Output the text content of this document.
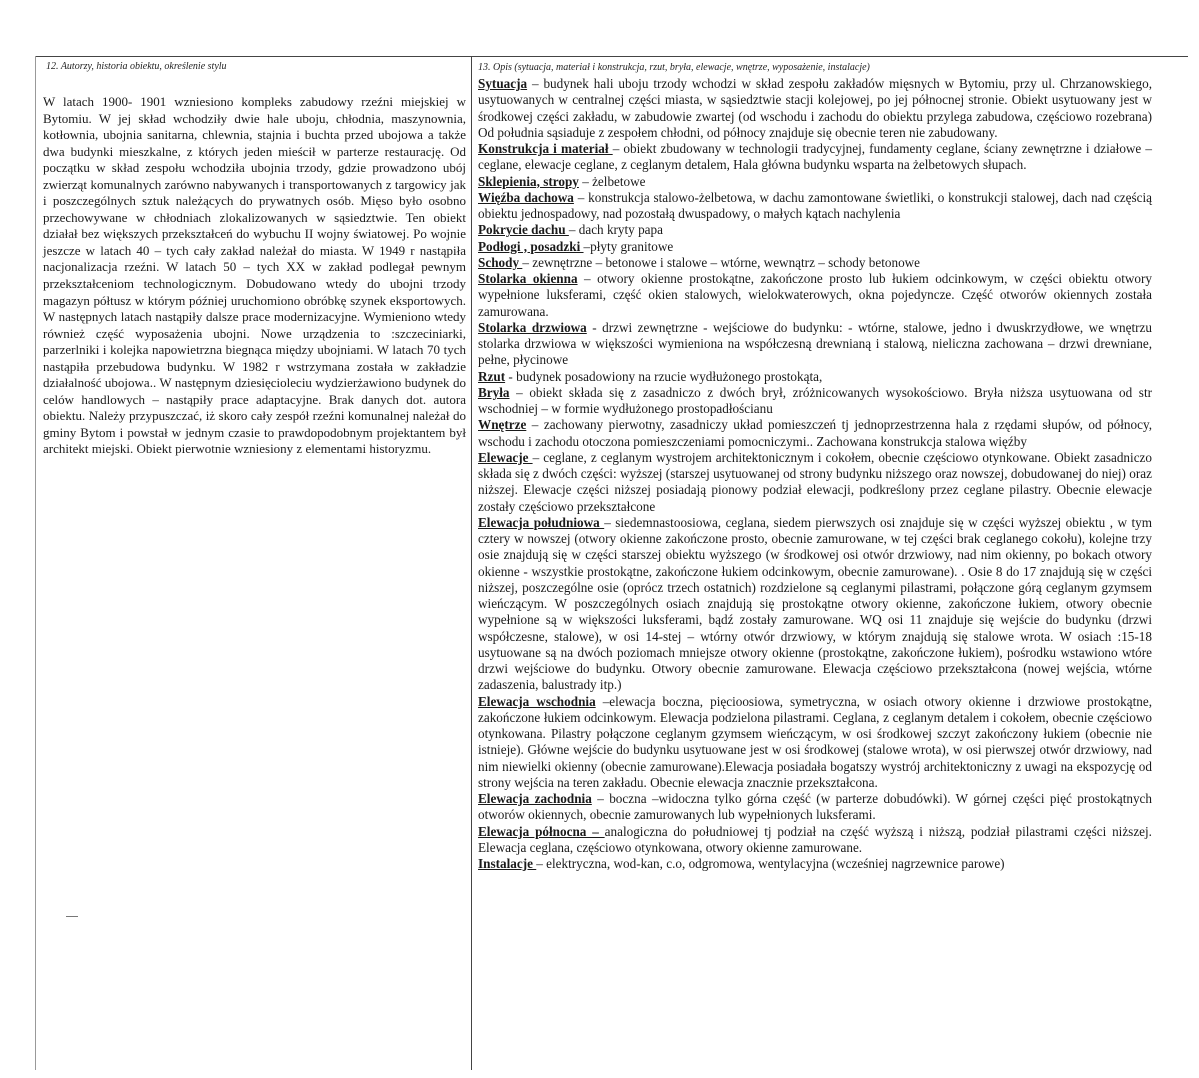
12. Autorzy, historia obiektu, określenie stylu	13. Opis (sytuacja, materiał i konstrukcja, rzut, bryła, elewacje, wnętrze, wyposażenie, instalacje)

W latach 1900- 1901 wzniesiono kompleks zabudowy rzeźni miejskiej w Bytomiu. W jej skład wchodziły dwie hale uboju, chłodnia, maszynownia, kotłownia, ubojnia sanitarna, chlewnia, stajnia i buchta przed ubojowa a także dwa budynki mieszkalne, z których jeden mieścił w parterze restaurację. Od początku w skład zespołu wchodziła ubojnia trzody, gdzie prowadzono ubój zwierząt komunalnych zarówno nabywanych i transportowanych z targowicy jak i poszczególnych sztuk należących do prywatnych osób. Mięso było osobno przechowywane w chłodniach zlokalizowanych w sąsiedztwie. Ten obiekt działał bez większych przekształceń do wybuchu II wojny światowej. Po wojnie jeszcze w latach 40 – tych cały zakład należał do miasta. W 1949 r nastąpiła nacjonalizacja rzeźni. W latach 50 – tych XX w zakład podlegał pewnym przekształceniom technologicznym. Dobudowano wtedy do ubojni trzody magazyn półtusz w którym później uruchomiono obróbkę szynek eksportowych. W następnych latach nastąpiły dalsze prace modernizacyjne. Wymieniono wtedy również część wyposażenia ubojni. Nowe urządzenia to :szczeciniarki, parzerlniki i kolejka napowietrzna biegnąca między ubojniami. W latach 70 tych nastąpiła przebudowa budynku. W 1982 r wstrzymana została w zakładzie działalność ubojowa.. W następnym dziesięcioleciu wydzierżawiono budynek do celów handlowych – nastąpiły prace adaptacyjne. Brak danych dot. autora obiektu. Należy przypuszczać, iż skoro cały zespół rzeźni komunalnej należał do gminy Bytom i powstał w jednym czasie to prawdopodobnym projektantem był architekt miejski. Obiekt pierwotnie wzniesiony z elementami historyzmu.

Sytuacja – budynek hali uboju trzody wchodzi w skład zespołu zakładów mięsnych w Bytomiu, przy ul. Chrzanowskiego, usytuowanych w centralnej części miasta, w sąsiedztwie stacji kolejowej, po jej północnej stronie. Obiekt usytuowany jest w środkowej części zakładu, w zabudowie zwartej (od wschodu i zachodu do obiektu przylega zabudowa, częściowo rozebrana) Od południa sąsiaduje z zespołem chłodni, od północy znajduje się obecnie teren nie zabudowany.

Konstrukcja i materiał – obiekt zbudowany w technologii tradycyjnej, fundamenty ceglane, ściany zewnętrzne i działowe – ceglane, elewacje ceglane, z ceglanym detalem, Hala główna budynku wsparta na żelbetowych słupach.

Sklepienia, stropy – żelbetowe

Więźba dachowa – konstrukcja stalowo-żelbetowa, w dachu zamontowane świetliki, o konstrukcji stalowej, dach nad częścią obiektu jednospadowy, nad pozostałą dwuspadowy, o małych kątach nachylenia

Pokrycie dachu – dach kryty papa

Podłogi , posadzki –płyty granitowe

Schody – zewnętrzne – betonowe i stalowe – wtórne, wewnątrz – schody betonowe

Stolarka okienna – otwory okienne prostokątne, zakończone prosto lub łukiem odcinkowym, w części obiektu otwory wypełnione luksferami, część okien stalowych, wielokwaterowych, okna pojedyncze. Część otworów okiennych została zamurowana.

Stolarka drzwiowa - drzwi zewnętrzne - wejściowe do budynku: - wtórne, stalowe, jedno i dwuskrzydłowe, we wnętrzu stolarka drzwiowa w większości wymieniona na współczesną drewnianą i stalową, nieliczna zachowana – drzwi drewniane, pełne, płycinowe

Rzut - budynek posadowiony na rzucie wydłużonego prostokąta,

Bryła – obiekt składa się z zasadniczo z dwóch brył, zróżnicowanych wysokościowo. Bryła niższa usytuowana od str wschodniej – w formie wydłużonego prostopadłościanu

Wnętrze – zachowany pierwotny, zasadniczy układ pomieszczeń tj jednoprzestrzenna hala z rzędami słupów, od północy, wschodu i zachodu otoczona pomieszczeniami pomocniczymi.. Zachowana konstrukcja stalowa więźby

Elewacje – ceglane, z ceglanym wystrojem architektonicznym i cokołem, obecnie częściowo otynkowane. Obiekt zasadniczo składa się z dwóch części: wyższej (starszej usytuowanej od strony budynku niższego oraz nowszej, dobudowanej do niej) oraz niższej. Elewacje części niższej posiadają pionowy podział elewacji, podkreślony przez ceglane pilastry. Obecnie elewacje zostały częściowo przekształcone

Elewacja południowa – siedemnastoosiowa, ceglana, siedem pierwszych osi znajduje się w części wyższej obiektu , w tym cztery w nowszej (otwory okienne zakończone prosto, obecnie zamurowane, w tej części brak ceglanego cokołu), kolejne trzy osie znajdują się w części starszej obiektu wyższego (w środkowej osi otwór drzwiowy, nad nim okienny, po bokach otwory okienne - wszystkie prostokątne, zakończone łukiem odcinkowym, obecnie zamurowane). . Osie 8 do 17 znajdują się w części niższej, poszczególne osie (oprócz trzech ostatnich) rozdzielone są ceglanymi pilastrami, połączone górą ceglanym gzymsem wieńczącym. W poszczególnych osiach znajdują się prostokątne otwory okienne, zakończone łukiem, otwory obecnie wypełnione są w większości luksferami, bądź zostały zamurowane. WQ osi 11 znajduje się wejście do budynku (drzwi współczesne, stalowe), w osi 14-stej – wtórny otwór drzwiowy, w którym znajdują się stalowe wrota. W osiach :15-18 usytuowane są na dwóch poziomach mniejsze otwory okienne (prostokątne, zakończone łukiem), pośrodku wstawiono wtóre drzwi wejściowe do budynku. Otwory obecnie zamurowane. Elewacja częściowo przekształcona (nowej wejścia, wtórne zadaszenia, balustrady itp.)

Elewacja wschodnia –elewacja boczna, pięcioosiowa, symetryczna, w osiach otwory okienne i drzwiowe prostokątne, zakończone łukiem odcinkowym. Elewacja podzielona pilastrami. Ceglana, z ceglanym detalem i cokołem, obecnie częściowo otynkowana. Pilastry połączone ceglanym gzymsem wieńczącym, w osi środkowej szczyt zakończony łukiem (obecnie nie istnieje). Główne wejście do budynku usytuowane jest w osi środkowej (stalowe wrota), w osi pierwszej otwór drzwiowy, nad nim niewielki okienny (obecnie zamurowane).Elewacja posiadała bogatszy wystrój architektoniczny z uwagi na ekspozycję od strony wejścia na teren zakładu. Obecnie elewacja znacznie przekształcona.

Elewacja zachodnia – boczna –widoczna tylko górna część (w parterze dobudówki). W górnej części pięć prostokątnych otworów okiennych, obecnie zamurowanych lub wypełnionych luksferami.

Elewacja północna – analogiczna do południowej tj podział na część wyższą i niższą, podział pilastrami części niższej. Elewacja ceglana, częściowo otynkowana, otwory okienne zamurowane.

Instalacje – elektryczna, wod-kan, c.o, odgromowa, wentylacyjna (wcześniej nagrzewnice parowe)
